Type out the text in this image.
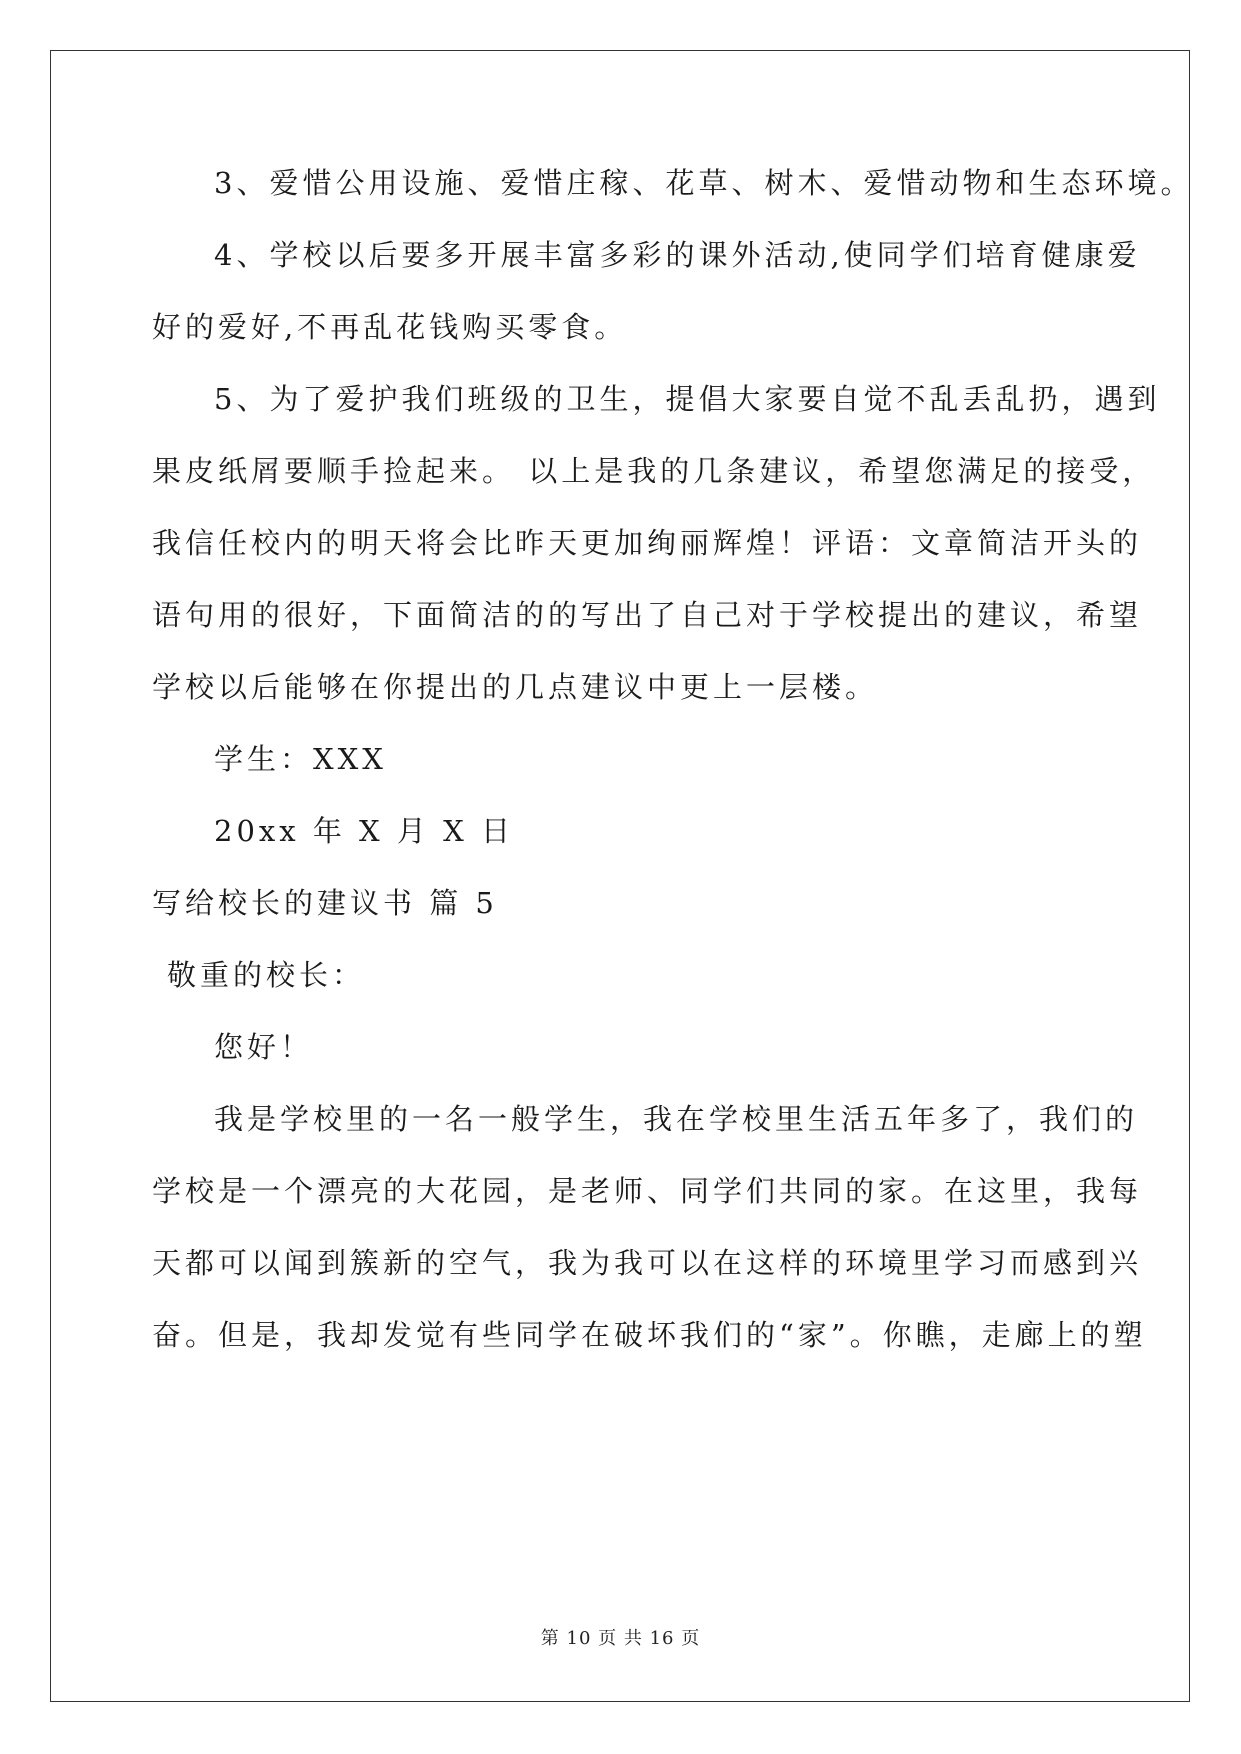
3、爱惜公用设施、爱惜庄稼、花草、树木、爱惜动物和生态环境。
4、学校以后要多开展丰富多彩的课外活动,使同学们培育健康爱
好的爱好,不再乱花钱购买零食。
5、为了爱护我们班级的卫生，提倡大家要自觉不乱丢乱扔，遇到
果皮纸屑要顺手捡起来。 以上是我的几条建议，希望您满足的接受，
我信任校内的明天将会比昨天更加绚丽辉煌！评语：文章简洁开头的
语句用的很好，下面简洁的的写出了自己对于学校提出的建议，希望
学校以后能够在你提出的几点建议中更上一层楼。
学生：XXX
20xx 年 X 月 X 日
写给校长的建议书 篇 5
敬重的校长：
您好！
我是学校里的一名一般学生，我在学校里生活五年多了，我们的
学校是一个漂亮的大花园，是老师、同学们共同的家。在这里，我每
天都可以闻到簇新的空气，我为我可以在这样的环境里学习而感到兴
奋。但是，我却发觉有些同学在破坏我们的“家”。你瞧，走廊上的塑
第 10 页 共 16 页
